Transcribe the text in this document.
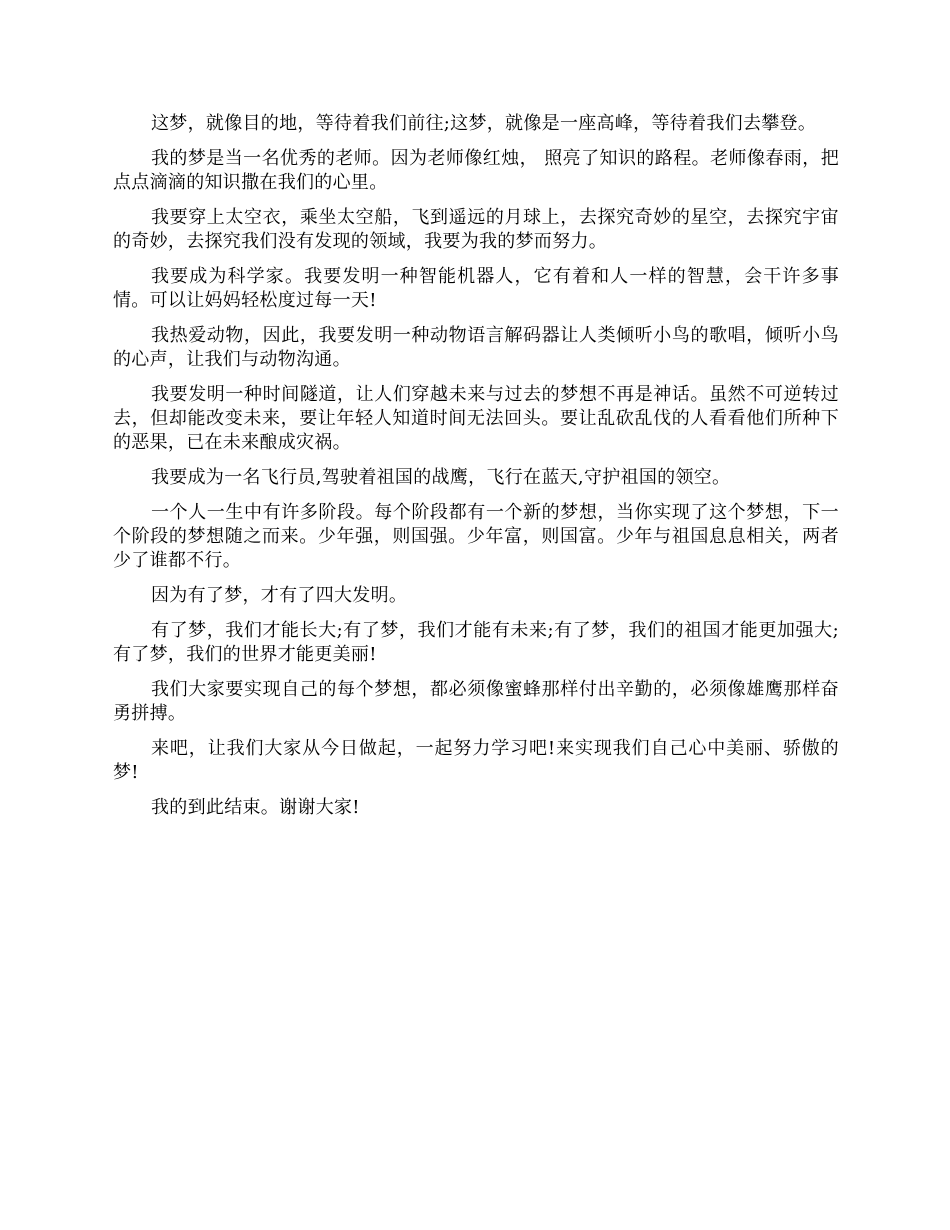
这梦，就像目的地，等待着我们前往;这梦，就像是一座高峰，等待着我们去攀登。

我的梦是当一名优秀的老师。因为老师像红烛， 照亮了知识的路程。老师像春雨，把点点滴滴的知识撒在我们的心里。

我要穿上太空衣，乘坐太空船，飞到遥远的月球上，去探究奇妙的星空，去探究宇宙的奇妙，去探究我们没有发现的领域，我要为我的梦而努力。

我要成为科学家。我要发明一种智能机器人，它有着和人一样的智慧，会干许多事情。可以让妈妈轻松度过每一天!

我热爱动物，因此，我要发明一种动物语言解码器让人类倾听小鸟的歌唱，倾听小鸟的心声，让我们与动物沟通。

我要发明一种时间隧道，让人们穿越未来与过去的梦想不再是神话。虽然不可逆转过去，但却能改变未来，要让年轻人知道时间无法回头。要让乱砍乱伐的人看看他们所种下的恶果，已在未来酿成灾祸。

我要成为一名飞行员,驾驶着祖国的战鹰，飞行在蓝天,守护祖国的领空。

一个人一生中有许多阶段。每个阶段都有一个新的梦想，当你实现了这个梦想，下一个阶段的梦想随之而来。少年强，则国强。少年富，则国富。少年与祖国息息相关，两者少了谁都不行。

因为有了梦，才有了四大发明。

有了梦，我们才能长大;有了梦，我们才能有未来;有了梦，我们的祖国才能更加强大;有了梦，我们的世界才能更美丽!

我们大家要实现自己的每个梦想，都必须像蜜蜂那样付出辛勤的，必须像雄鹰那样奋勇拼搏。

来吧，让我们大家从今日做起，一起努力学习吧!来实现我们自己心中美丽、骄傲的梦!

我的到此结束。谢谢大家!
